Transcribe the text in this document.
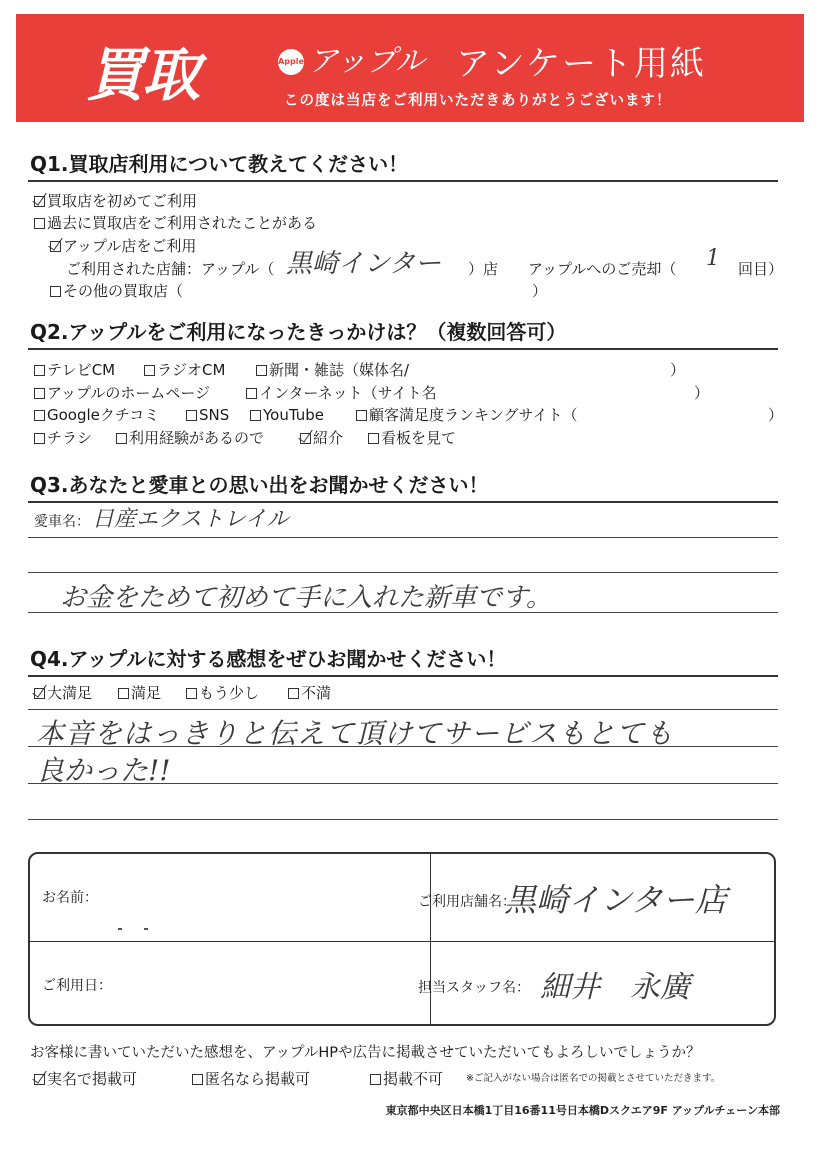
買取	Apple アップル アンケート用紙
この度は当店をご利用いただきありがとうございます！
Q1.買取店利用について教えてください！
買取店を初めてご利用
過去に買取店をご利用されたことがある
アップル店をご利用
ご利用された店舗：アップル（ 黒崎インター	）店	アップルへのご売却（	1	回目）
その他の買取店（	）
Q2.アップルをご利用になったきっかけは？（複数回答可）
テレビCM	ラジオCM	新聞・雑誌（媒体名/	）
アップルのホームページ	インターネット（サイト名	）
Googleクチコミ	SNS	YouTube	顧客満足度ランキングサイト（	）
チラシ	利用経験があるので	紹介	看板を見て
Q3.あなたと愛車との思い出をお聞かせください！
愛車名： 日産エクストレイル
お金をためて初めて手に入れた新車です。
Q4.アップルに対する感想をぜひお聞かせください！
大満足	満足	もう少し	不満
本音をはっきりと伝えて頂けてサービスもとても
良かった!!
お名前：	ご利用店舗名：
黒崎インター店
ご利用日：	担当スタッフ名： 細井　永廣
お客様に書いていただいた感想を、アップルHPや広告に掲載させていただいてもよろしいでしょうか？
実名で掲載可	匿名なら掲載可	掲載不可	※ご記入がない場合は匿名での掲載とさせていただきます。
東京都中央区日本橋1丁目16番11号日本橋Dスクエア9F アップルチェーン本部
